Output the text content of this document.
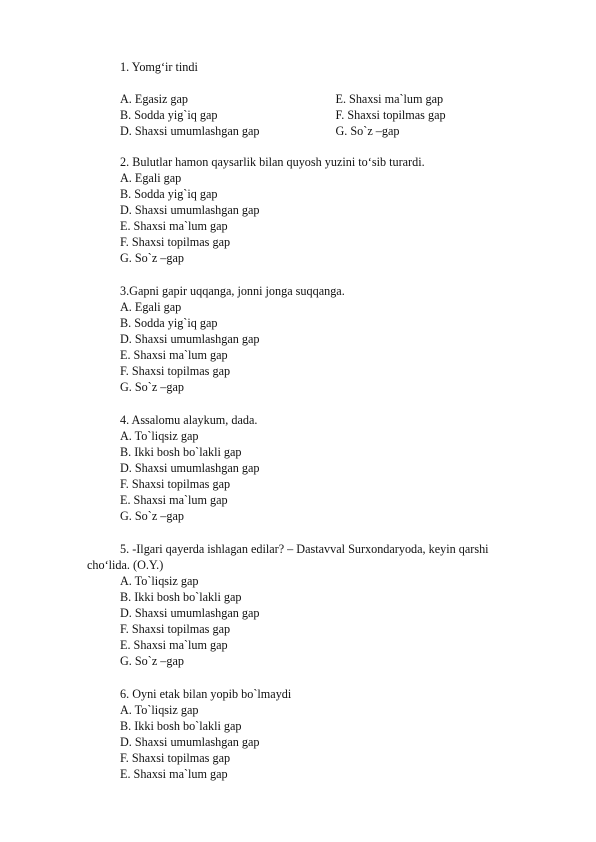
1. Yomg‘ir tindi
A. Egasiz gap
B. Sodda yig`iq gap
D. Shaxsi umumlashgan gap
E. Shaxsi ma`lum gap
F. Shaxsi topilmas gap
G. So`z –gap
2. Bulutlar hamon qaysarlik bilan quyosh yuzini to‘sib turardi.
A. Egali gap
B. Sodda yig`iq gap
D. Shaxsi umumlashgan gap
E. Shaxsi ma`lum gap
F. Shaxsi topilmas gap
G. So`z –gap
3.Gapni gapir uqqanga, jonni jonga suqqanga.
A. Egali gap
B. Sodda yig`iq gap
D. Shaxsi umumlashgan gap
E. Shaxsi ma`lum gap
F. Shaxsi topilmas gap
G. So`z –gap
4. Assalomu alaykum, dada.
A. To`liqsiz gap
B. Ikki bosh bo`lakli gap
D. Shaxsi umumlashgan gap
F. Shaxsi topilmas gap
E. Shaxsi ma`lum gap
G. So`z –gap
5. -Ilgari qayerda ishlagan edilar? – Dastavval Surxondaryoda, keyin qarshi
cho‘lida. (O.Y.)
A. To`liqsiz gap
B. Ikki bosh bo`lakli gap
D. Shaxsi umumlashgan gap
F. Shaxsi topilmas gap
E. Shaxsi ma`lum gap
G. So`z –gap
6. Oyni etak bilan yopib bo`lmaydi
A. To`liqsiz gap
B. Ikki bosh bo`lakli gap
D. Shaxsi umumlashgan gap
F. Shaxsi topilmas gap
E. Shaxsi ma`lum gap
